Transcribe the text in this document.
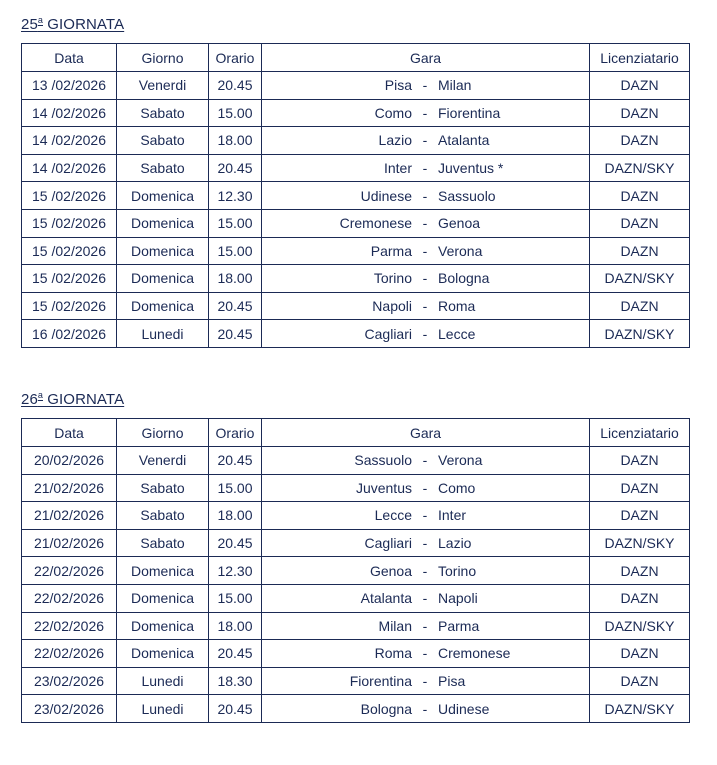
25$^a$ GIORNATA
Data	Giorno	Orario	Gara	Licenziatario
13 /02/2026	Venerdi	20.45	Pisa - Milan	DAZN
14 /02/2026	Sabato	15.00	Como - Fiorentina	DAZN
14 /02/2026	Sabato	18.00	Lazio - Atalanta	DAZN
14 /02/2026	Sabato	20.45	Inter - Juventus *	DAZN/SKY
15 /02/2026	Domenica	12.30	Udinese - Sassuolo	DAZN
15 /02/2026	Domenica	15.00	Cremonese - Genoa	DAZN
15 /02/2026	Domenica	15.00	Parma - Verona	DAZN
15 /02/2026	Domenica	18.00	Torino - Bologna	DAZN/SKY
15 /02/2026	Domenica	20.45	Napoli - Roma	DAZN
16 /02/2026	Lunedi	20.45	Cagliari - Lecce	DAZN/SKY
26$^a$ GIORNATA
Data	Giorno	Orario	Gara	Licenziatario
20/02/2026	Venerdi	20.45	Sassuolo - Verona	DAZN
21/02/2026	Sabato	15.00	Juventus - Como	DAZN
21/02/2026	Sabato	18.00	Lecce - Inter	DAZN
21/02/2026	Sabato	20.45	Cagliari - Lazio	DAZN/SKY
22/02/2026	Domenica	12.30	Genoa - Torino	DAZN
22/02/2026	Domenica	15.00	Atalanta - Napoli	DAZN
22/02/2026	Domenica	18.00	Milan - Parma	DAZN/SKY
22/02/2026	Domenica	20.45	Roma - Cremonese	DAZN
23/02/2026	Lunedi	18.30	Fiorentina - Pisa	DAZN
23/02/2026	Lunedi	20.45	Bologna - Udinese	DAZN/SKY
